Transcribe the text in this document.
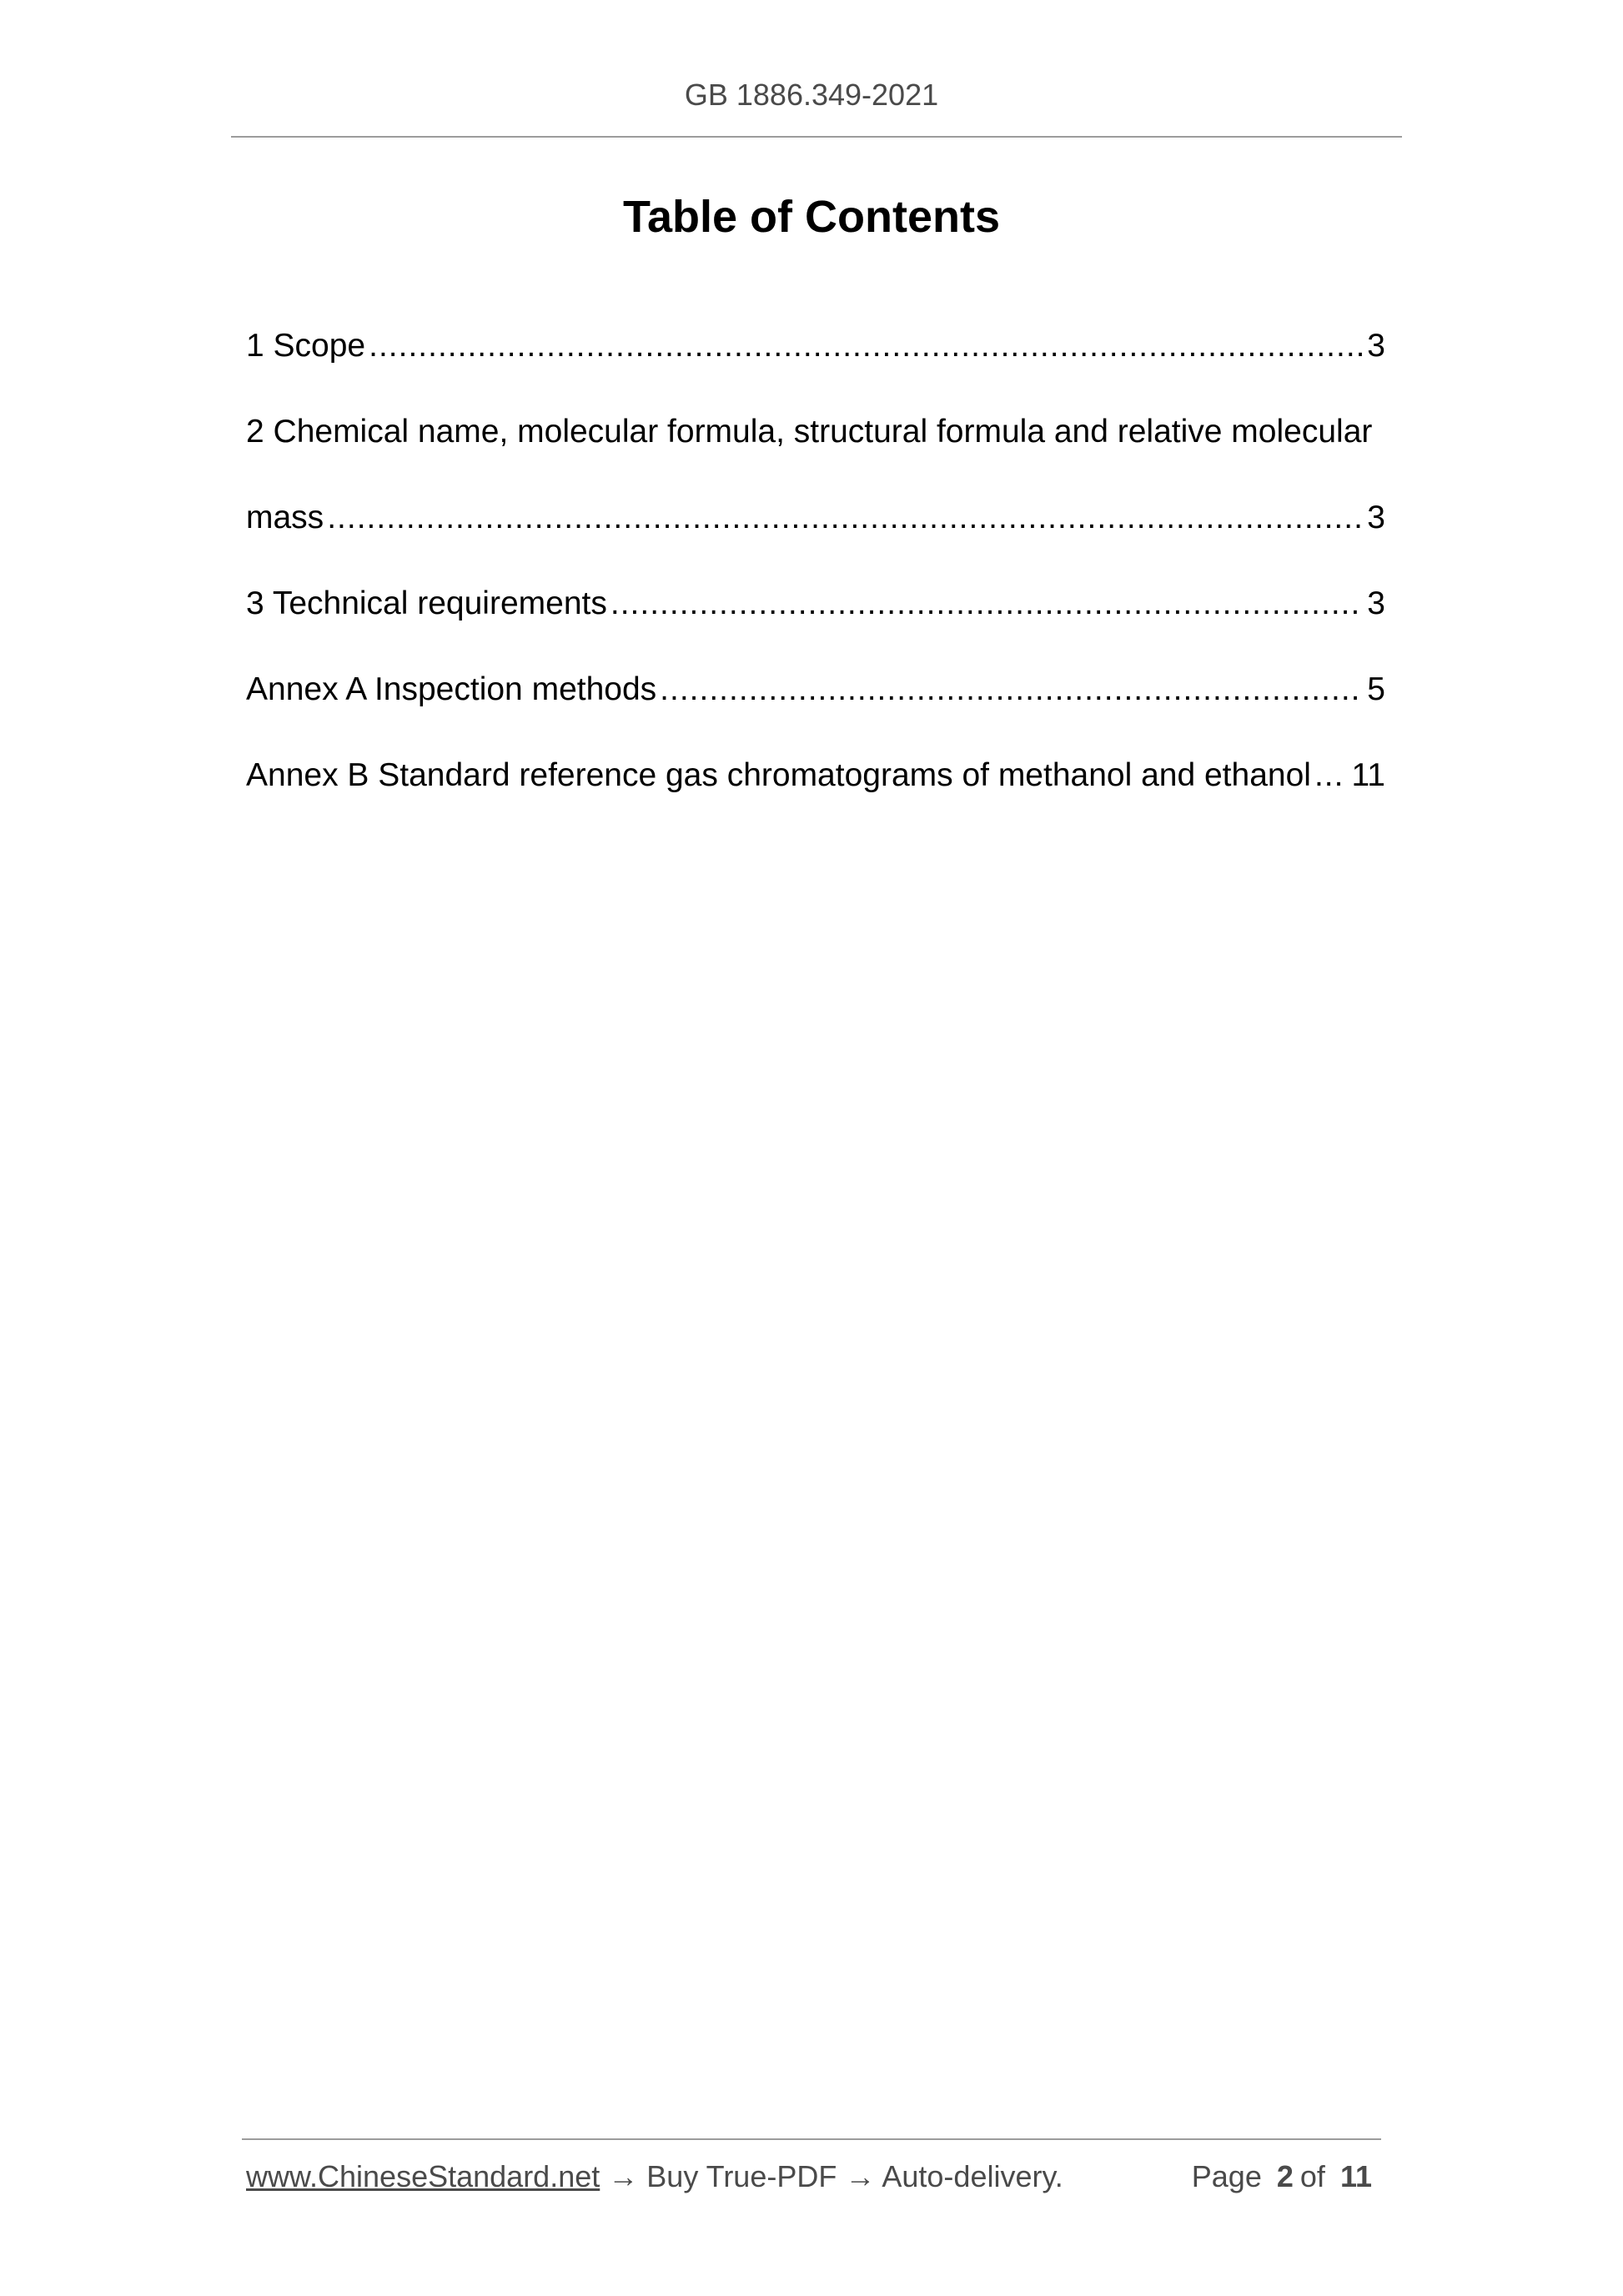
GB 1886.349-2021
Table of Contents
1 Scope .....	3
2 Chemical name, molecular formula, structural formula and relative molecular
mass .....	3
3 Technical requirements .....	3
Annex A Inspection methods .....	5
Annex B Standard reference gas chromatograms of methanol and ethanol ..... 11
www.ChineseStandard.net → Buy True-PDF → Auto-delivery.	Page 2 of 11
